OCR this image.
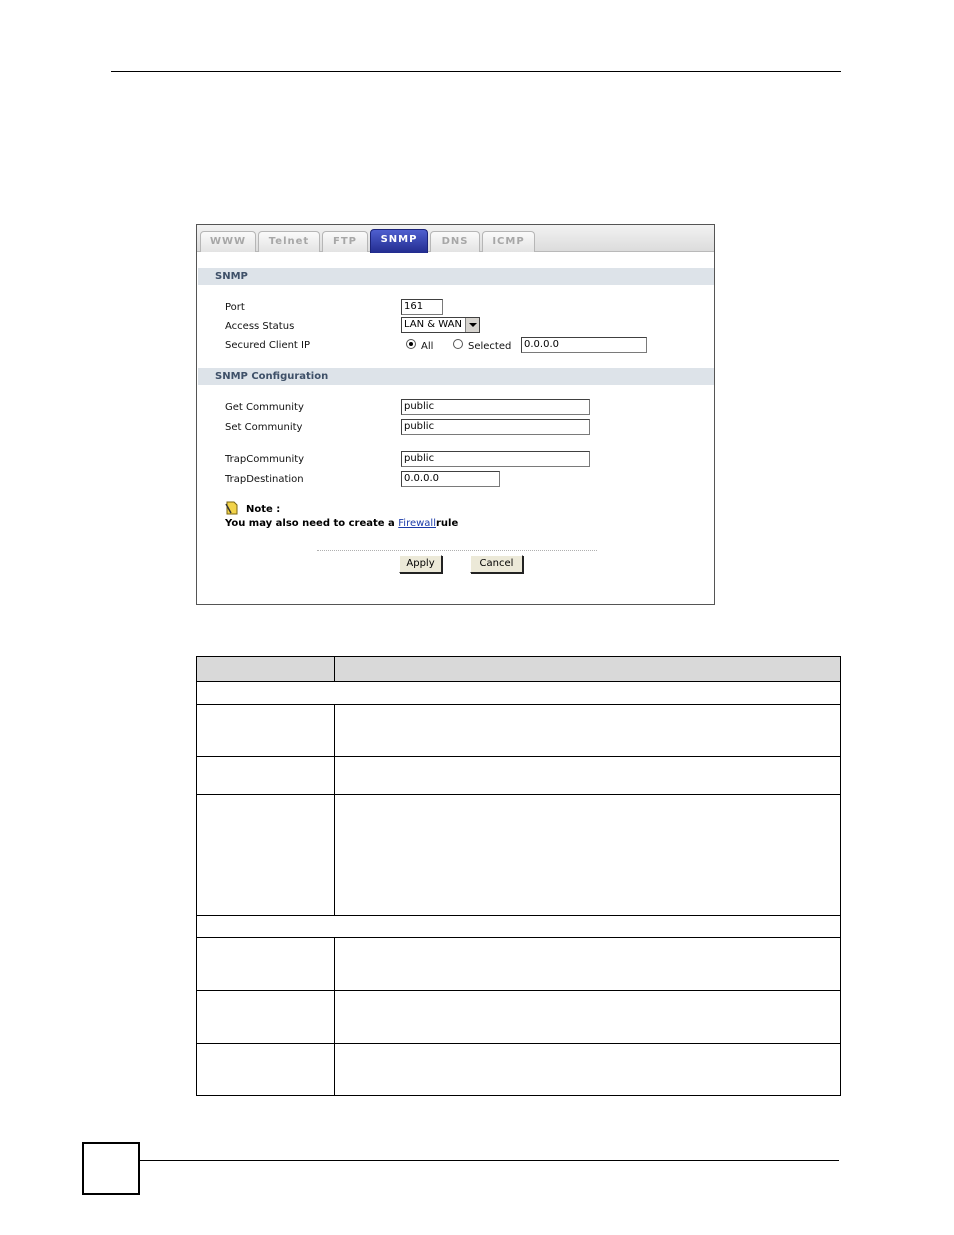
WWW	Telnet	FTP	SNMP	DNS	ICMP
SNMP
Port	161
Access Status	LAN & WAN
Secured Client IP	All	Selected	0.0.0.0
SNMP Configuration
Get Community	public
Set Community	public
TrapCommunity	public
TrapDestination	0.0.0.0
Note :
You may also need to create a Firewallrule
Apply	Cancel
